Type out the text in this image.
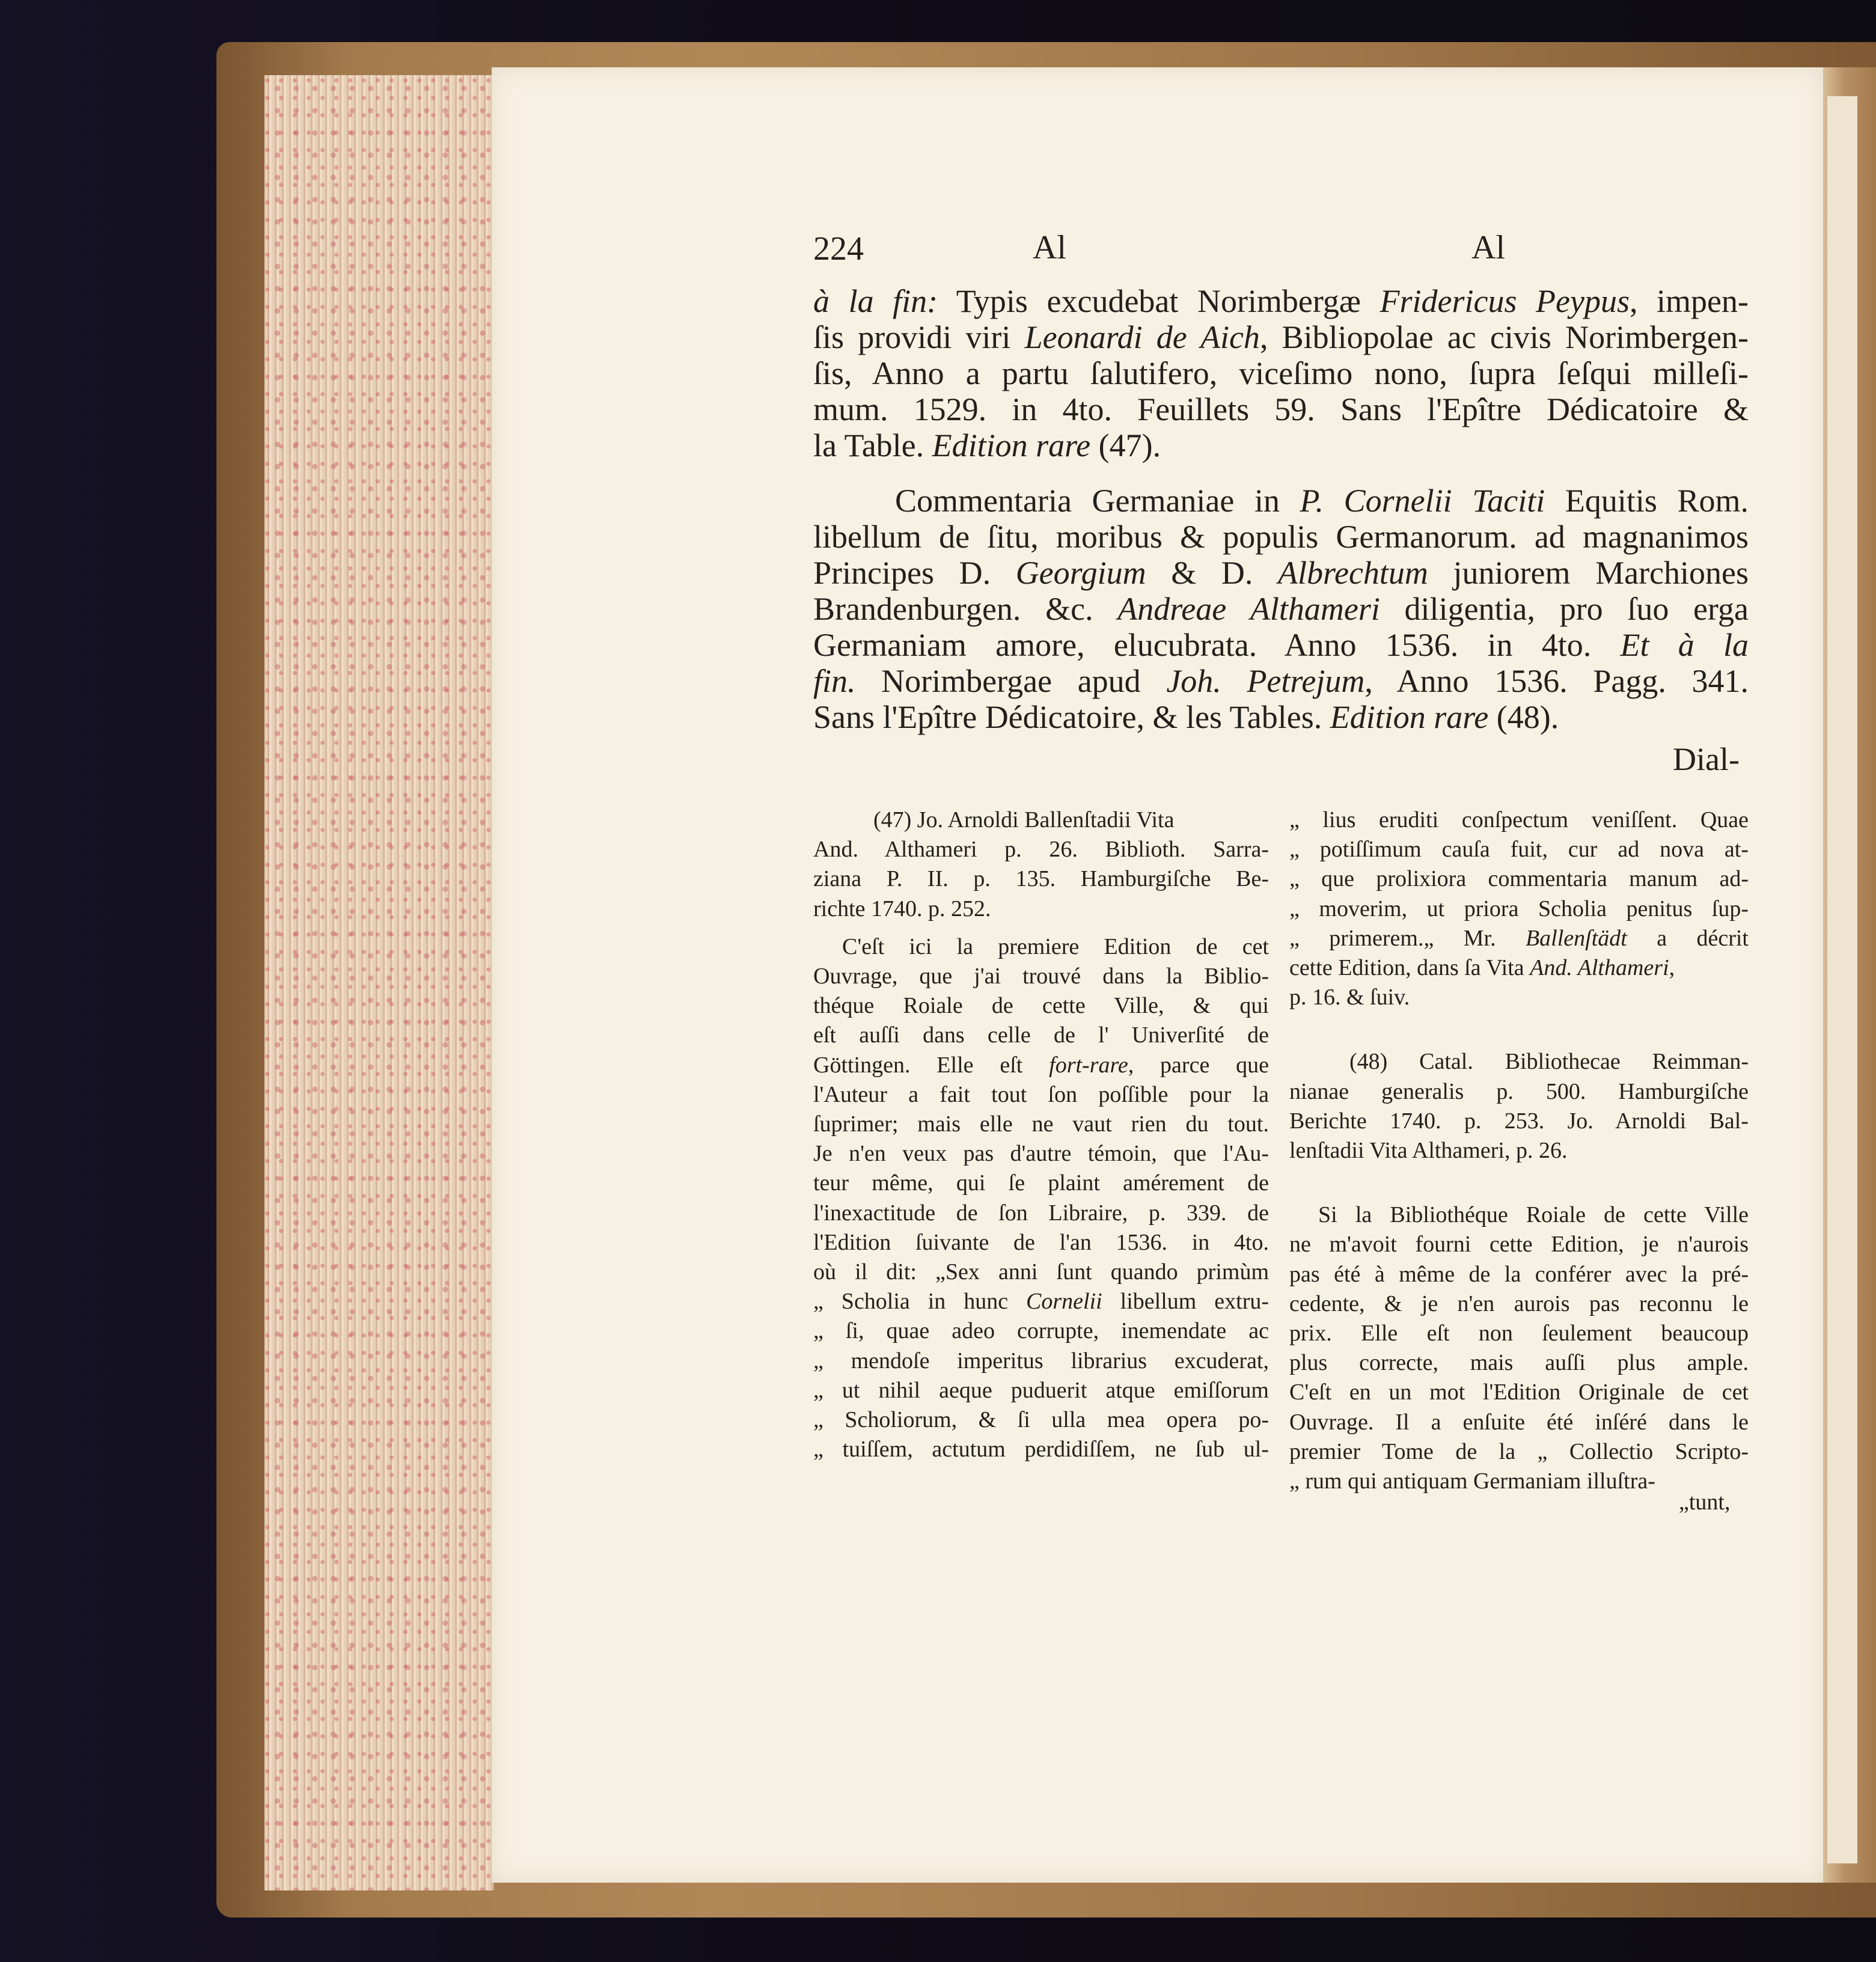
224	Al	Al
Dial-
„tunt,
à la fin: Typis excudebat Norimbergæ Fridericus Peypus, impen-
ſis providi viri Leonardi de Aich, Bibliopolae ac civis Norimbergen-
ſis, Anno a partu ſalutifero, viceſimo nono, ſupra ſeſqui milleſi-
mum. 1529. in 4to. Feuillets 59. Sans l'Epître Dédicatoire &
la Table. Edition rare (47).
Commentaria Germaniae in P. Cornelii Taciti Equitis Rom.
libellum de ſitu, moribus & populis Germanorum. ad magnanimos
Principes D. Georgium & D. Albrechtum juniorem Marchiones
Brandenburgen. &c. Andreae Althameri diligentia, pro ſuo erga
Germaniam amore, elucubrata. Anno 1536. in 4to. Et à la
fin. Norimbergae apud Joh. Petrejum, Anno 1536. Pagg. 341.
Sans l'Epître Dédicatoire, & les Tables. Edition rare (48).
(47) Jo. Arnoldi Ballenſtadii Vita
And. Althameri p. 26. Biblioth. Sarra-
ziana P. II. p. 135. Hamburgiſche Be-
richte 1740. p. 252.
C'eſt ici la premiere Edition de cet
Ouvrage, que j'ai trouvé dans la Biblio-
théque Roiale de cette Ville, & qui
eſt auſſi dans celle de l' Univerſité de
Göttingen. Elle eſt fort-rare, parce que
l'Auteur a fait tout ſon poſſible pour la
ſuprimer; mais elle ne vaut rien du tout.
Je n'en veux pas d'autre témoin, que l'Au-
teur même, qui ſe plaint amérement de
l'inexactitude de ſon Libraire, p. 339. de
l'Edition ſuivante de l'an 1536. in 4to.
où il dit: „Sex anni ſunt quando primùm
„ Scholia in hunc Cornelii libellum extru-
„ ſi, quae adeo corrupte, inemendate ac
„ mendoſe imperitus librarius excuderat,
„ ut nihil aeque puduerit atque emiſſorum
„ Scholiorum, & ſi ulla mea opera po-
„ tuiſſem, actutum perdidiſſem, ne ſub ul-
„ lius eruditi conſpectum veniſſent. Quae
„ potiſſimum cauſa fuit, cur ad nova at-
„ que prolixiora commentaria manum ad-
„ moverim, ut priora Scholia penitus ſup-
„ primerem.„ Mr. Ballenſtädt a décrit
cette Edition, dans ſa Vita And. Althameri,
p. 16. & ſuiv.
(48) Catal. Bibliothecae Reimman-
nianae generalis p. 500. Hamburgiſche
Berichte 1740. p. 253. Jo. Arnoldi Bal-
lenſtadii Vita Althameri, p. 26.
Si la Bibliothéque Roiale de cette Ville
ne m'avoit fourni cette Edition, je n'aurois
pas été à même de la conférer avec la pré-
cedente, & je n'en aurois pas reconnu le
prix. Elle eſt non ſeulement beaucoup
plus correcte, mais auſſi plus ample.
C'eſt en un mot l'Edition Originale de cet
Ouvrage. Il a enſuite été inſéré dans le
premier Tome de la „ Collectio Scripto-
„ rum qui antiquam Germaniam illuſtra-
